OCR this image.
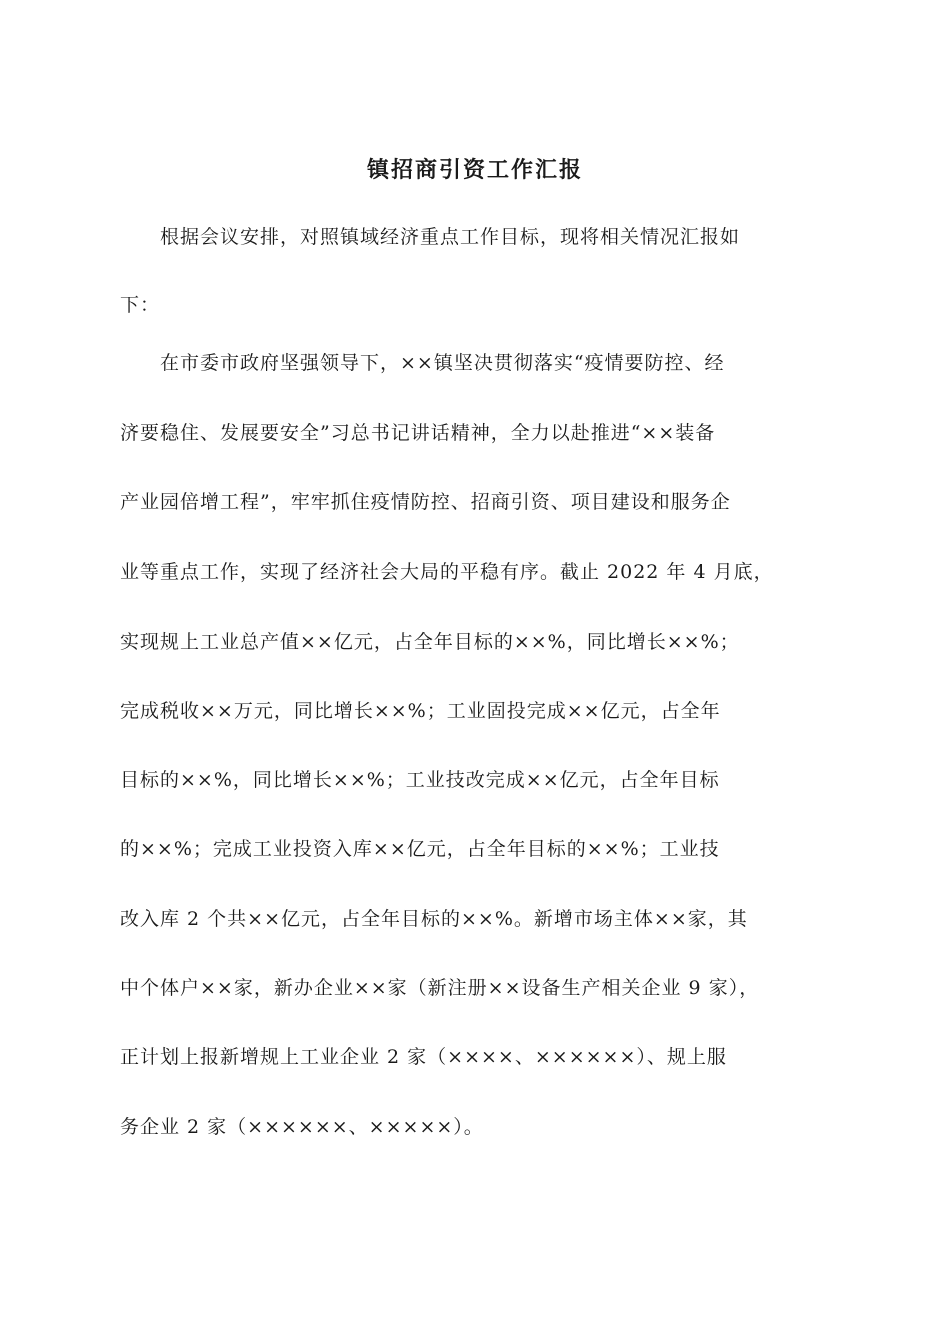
镇招商引资工作汇报

　　根据会议安排，对照镇域经济重点工作目标，现将相关情况汇报如

下：

　　在市委市政府坚强领导下，××镇坚决贯彻落实“疫情要防控、经

济要稳住、发展要安全”习总书记讲话精神，全力以赴推进“××装备

产业园倍增工程”，牢牢抓住疫情防控、招商引资、项目建设和服务企

业等重点工作，实现了经济社会大局的平稳有序。截止 2022 年 4 月底，

实现规上工业总产值××亿元，占全年目标的××%，同比增长××%；

完成税收××万元，同比增长××%；工业固投完成××亿元，占全年

目标的××%，同比增长××%；工业技改完成××亿元，占全年目标

的××%；完成工业投资入库××亿元，占全年目标的××%；工业技

改入库 2 个共××亿元，占全年目标的××%。新增市场主体××家，其

中个体户××家，新办企业××家（新注册××设备生产相关企业 9 家），

正计划上报新增规上工业企业 2 家（××××、××××××）、规上服

务企业 2 家（××××××、×××××）。
